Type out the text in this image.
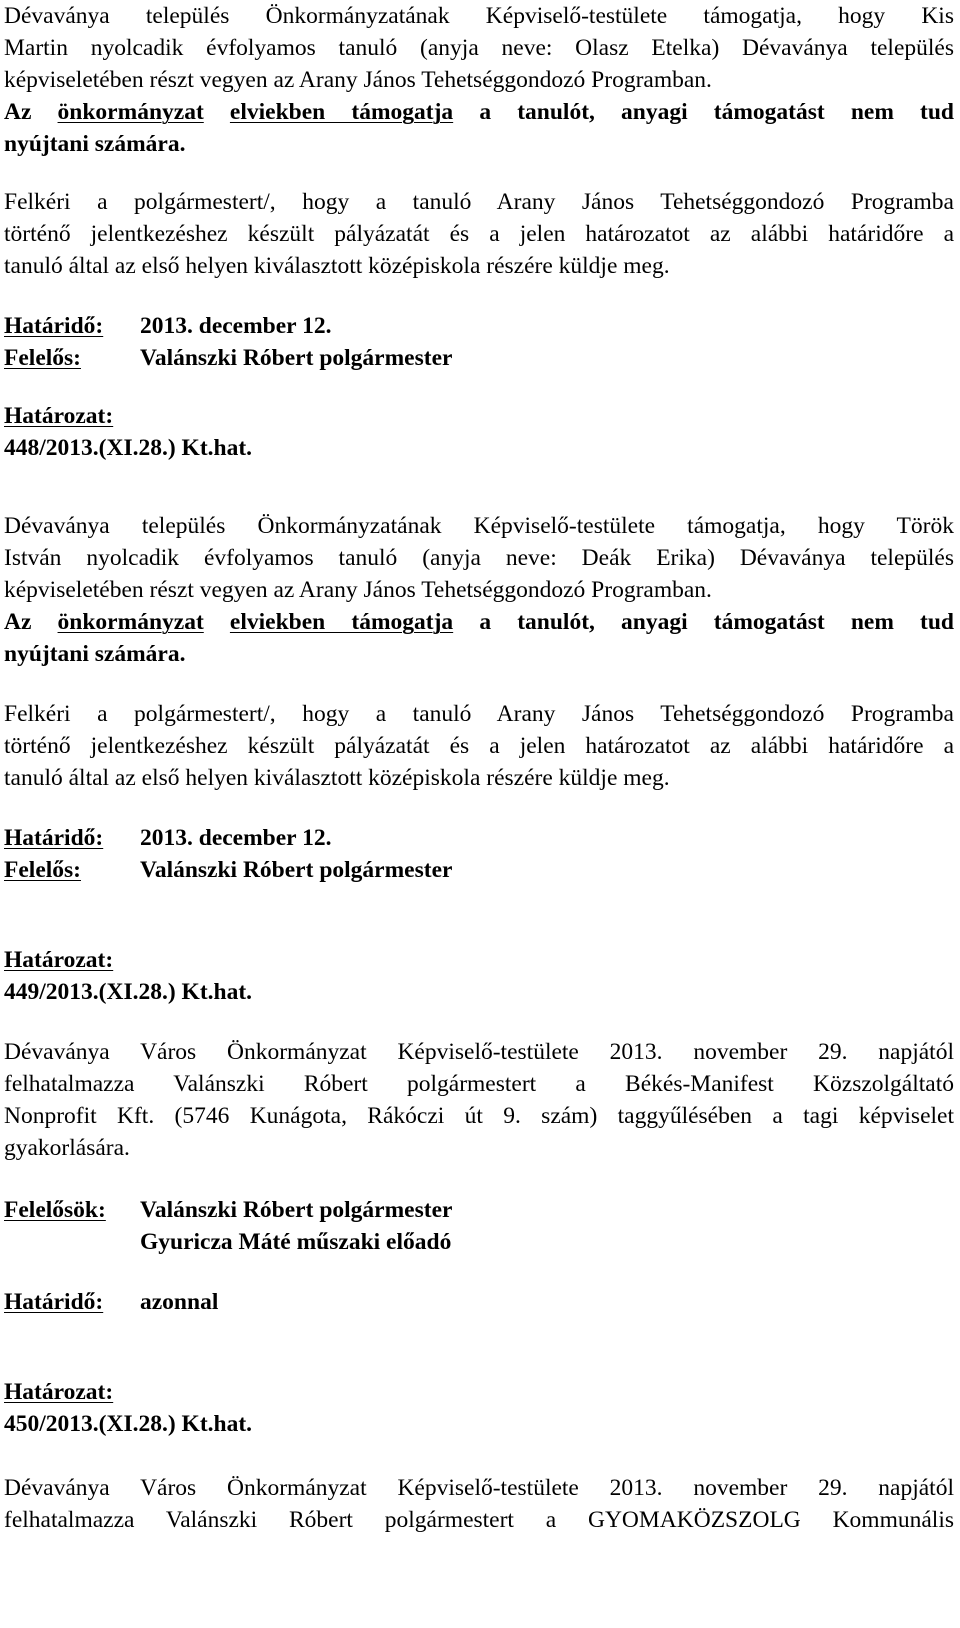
Dévaványa település Önkormányzatának Képviselő-testülete támogatja, hogy Kis
Martin nyolcadik évfolyamos tanuló (anyja neve: Olasz Etelka) Dévaványa település
képviseletében részt vegyen az Arany János Tehetséggondozó Programban.
Az önkormányzat elviekben támogatja a tanulót, anyagi támogatást nem tud
nyújtani számára.
Felkéri a polgármestert/, hogy a tanuló Arany János Tehetséggondozó Programba
történő jelentkezéshez készült pályázatát és a jelen határozatot az alábbi határidőre a
tanuló által az első helyen kiválasztott középiskola részére küldje meg.
Határidő:	2013. december 12.
Felelős:	Valánszki Róbert polgármester
Határozat:
448/2013.(XI.28.) Kt.hat.
Dévaványa település Önkormányzatának Képviselő-testülete támogatja, hogy Török
István nyolcadik évfolyamos tanuló (anyja neve: Deák Erika) Dévaványa település
képviseletében részt vegyen az Arany János Tehetséggondozó Programban.
Az önkormányzat elviekben támogatja a tanulót, anyagi támogatást nem tud
nyújtani számára.
Felkéri a polgármestert/, hogy a tanuló Arany János Tehetséggondozó Programba
történő jelentkezéshez készült pályázatát és a jelen határozatot az alábbi határidőre a
tanuló által az első helyen kiválasztott középiskola részére küldje meg.
Határidő:	2013. december 12.
Felelős:	Valánszki Róbert polgármester
Határozat:
449/2013.(XI.28.) Kt.hat.
Dévaványa Város Önkormányzat Képviselő-testülete 2013. november 29. napjától
felhatalmazza Valánszki Róbert polgármestert a Békés-Manifest Közszolgáltató
Nonprofit Kft. (5746 Kunágota, Rákóczi út 9. szám) taggyűlésében a tagi képviselet
gyakorlására.
Felelősök:	Valánszki Róbert polgármester
Gyuricza Máté műszaki előadó
Határidő:	azonnal
Határozat:
450/2013.(XI.28.) Kt.hat.
Dévaványa Város Önkormányzat Képviselő-testülete 2013. november 29. napjától
felhatalmazza Valánszki Róbert polgármestert a GYOMAKÖZSZOLG Kommunális
